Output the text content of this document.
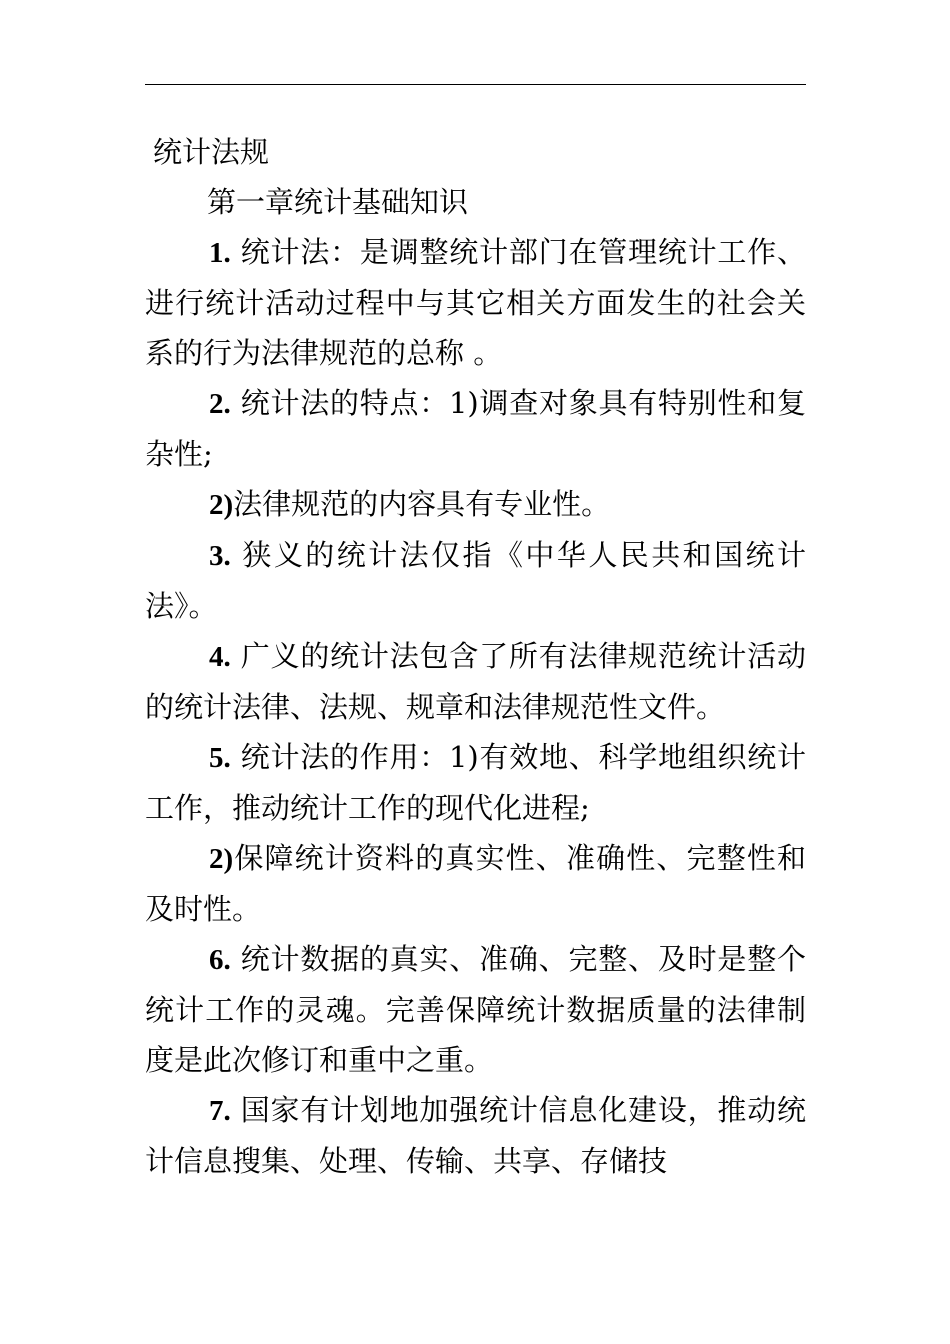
统计法规
第一章统计基础知识

1. 统计法：是调整统计部门在管理统计工作、进行统计活动过程中与其它相关方面发生的社会关系的行为法律规范的总称 。

2. 统计法的特点：1)调查对象具有特别性和复杂性;

2)法律规范的内容具有专业性。

3. 狭义的统计法仅指《中华人民共和国统计法》。

4. 广义的统计法包含了所有法律规范统计活动的统计法律、法规、规章和法律规范性文件。

5. 统计法的作用：1)有效地、科学地组织统计工作，推动统计工作的现代化进程;

2)保障统计资料的真实性、准确性、完整性和及时性。

6. 统计数据的真实、准确、完整、及时是整个统计工作的灵魂。完善保障统计数据质量的法律制度是此次修订和重中之重。

7. 国家有计划地加强统计信息化建设，推动统计信息搜集、处理、传输、共享、存储技
